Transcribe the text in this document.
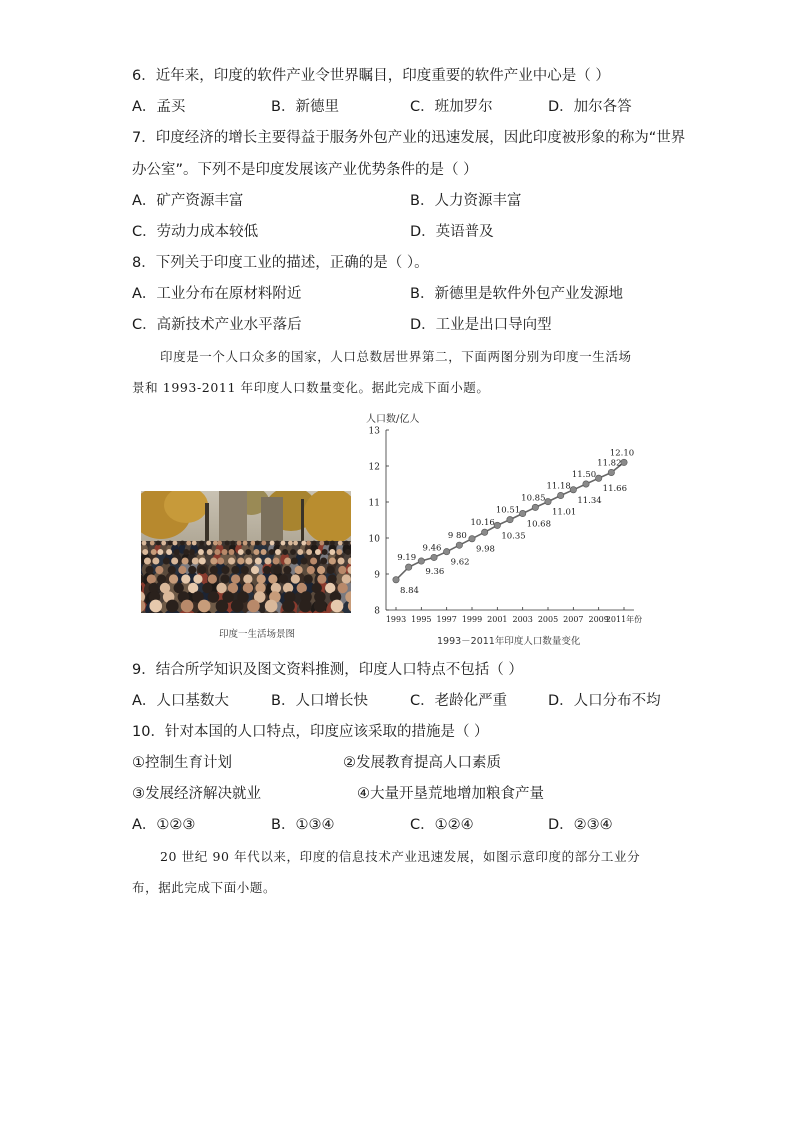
6．近年来，印度的软件产业令世界瞩目，印度重要的软件产业中心是（ ）
A．孟买	B．新德里	C．班加罗尔	D．加尔各答
7．印度经济的增长主要得益于服务外包产业的迅速发展，因此印度被形象的称为“世界
办公室”。下列不是印度发展该产业优势条件的是（ ）
A．矿产资源丰富	B．人力资源丰富
C．劳动力成本较低	D．英语普及
8．下列关于印度工业的描述，正确的是（ ）。
A．工业分布在原材料附近	B．新德里是软件外包产业发源地
C．高新技术产业水平落后	D．工业是出口导向型
印度是一个人口众多的国家，人口总数居世界第二，下面两图分别为印度一生活场
景和 1993-2011 年印度人口数量变化。据此完成下面小题。
印度一生活场景图
人口数/亿人
8
9
10
11
12
13
1993 1995 1997 1999 2001 2003 2005 2007 2009
2011年份
8.84
9.19
9.36
9.46
9.62
9 80
9.98
10.16
10.35
10.51
10.68
10.85
11.01
11.18
11.34
11.50
11.66
11.82
12.10
1993－2011年印度人口数量变化
9．结合所学知识及图文资料推测，印度人口特点不包括（ ）
A．人口基数大	B．人口增长快	C．老龄化严重	D．人口分布不均
10．针对本国的人口特点，印度应该采取的措施是（ ）
①控制生育计划	②发展教育提高人口素质
③发展经济解决就业	④大量开垦荒地增加粮食产量
A．①②③	B．①③④	C．①②④	D．②③④
20 世纪 90 年代以来，印度的信息技术产业迅速发展，如图示意印度的部分工业分
布，据此完成下面小题。
